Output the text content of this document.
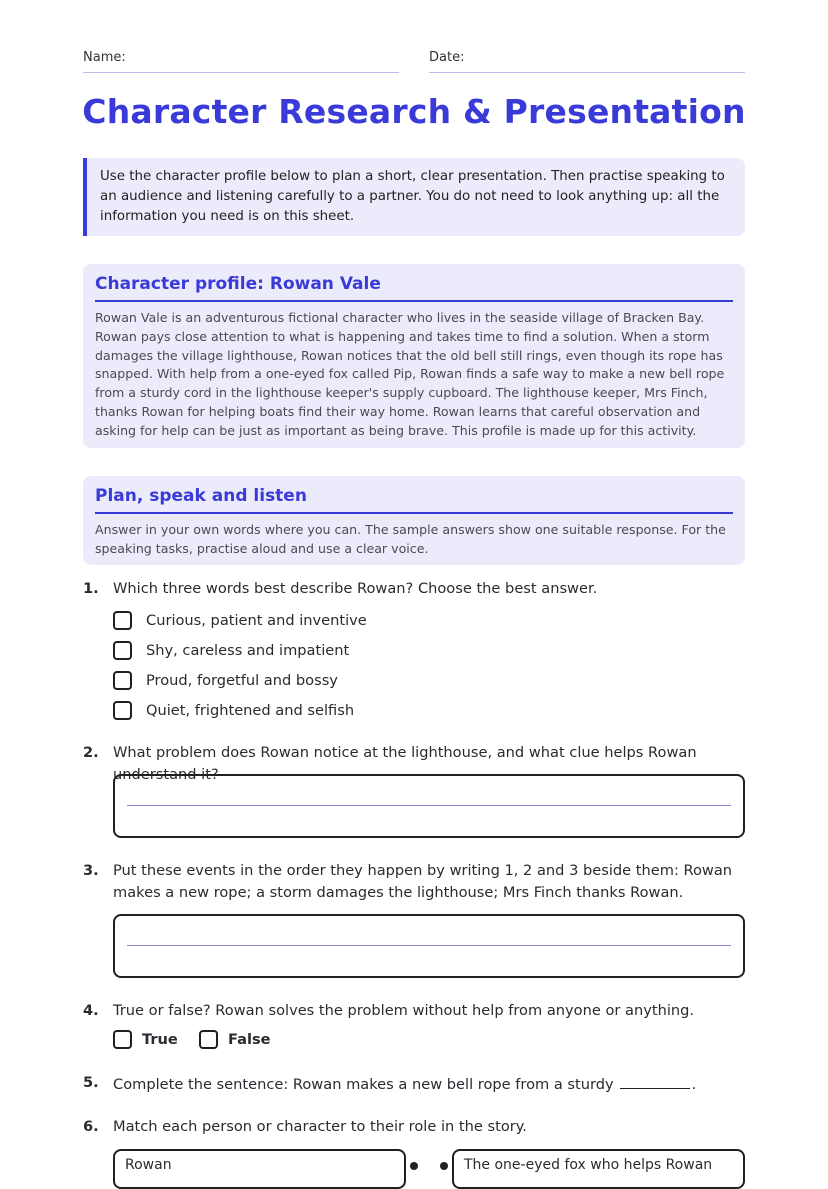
Name:	Date:
Character Research & Presentation
Use the character profile below to plan a short, clear presentation. Then practise speaking to an audience and listening carefully to a partner. You do not need to look anything up: all the information you need is on this sheet.
Character profile: Rowan Vale

Rowan Vale is an adventurous fictional character who lives in the seaside village of Bracken Bay. Rowan pays close attention to what is happening and takes time to find a solution. When a storm damages the village lighthouse, Rowan notices that the old bell still rings, even though its rope has snapped. With help from a one-eyed fox called Pip, Rowan finds a safe way to make a new bell rope from a sturdy cord in the lighthouse keeper's supply cupboard. The lighthouse keeper, Mrs Finch, thanks Rowan for helping boats find their way home. Rowan learns that careful observation and asking for help can be just as important as being brave. This profile is made up for this activity.

Plan, speak and listen

Answer in your own words where you can. The sample answers show one suitable response. For the speaking tasks, practise aloud and use a clear voice.

1. Which three words best describe Rowan? Choose the best answer.
Curious, patient and inventive
Shy, careless and impatient
Proud, forgetful and bossy
Quiet, frightened and selfish
2. What problem does Rowan notice at the lighthouse, and what clue helps Rowan understand it?
3. Put these events in the order they happen by writing 1, 2 and 3 beside them: Rowan makes a new rope; a storm damages the lighthouse; Mrs Finch thanks Rowan.
4. True or false? Rowan solves the problem without help from anyone or anything.
True	False
5. Complete the sentence: Rowan makes a new bell rope from a sturdy	.
6. Match each person or character to their role in the story.
Rowan	The one-eyed fox who helps Rowan
